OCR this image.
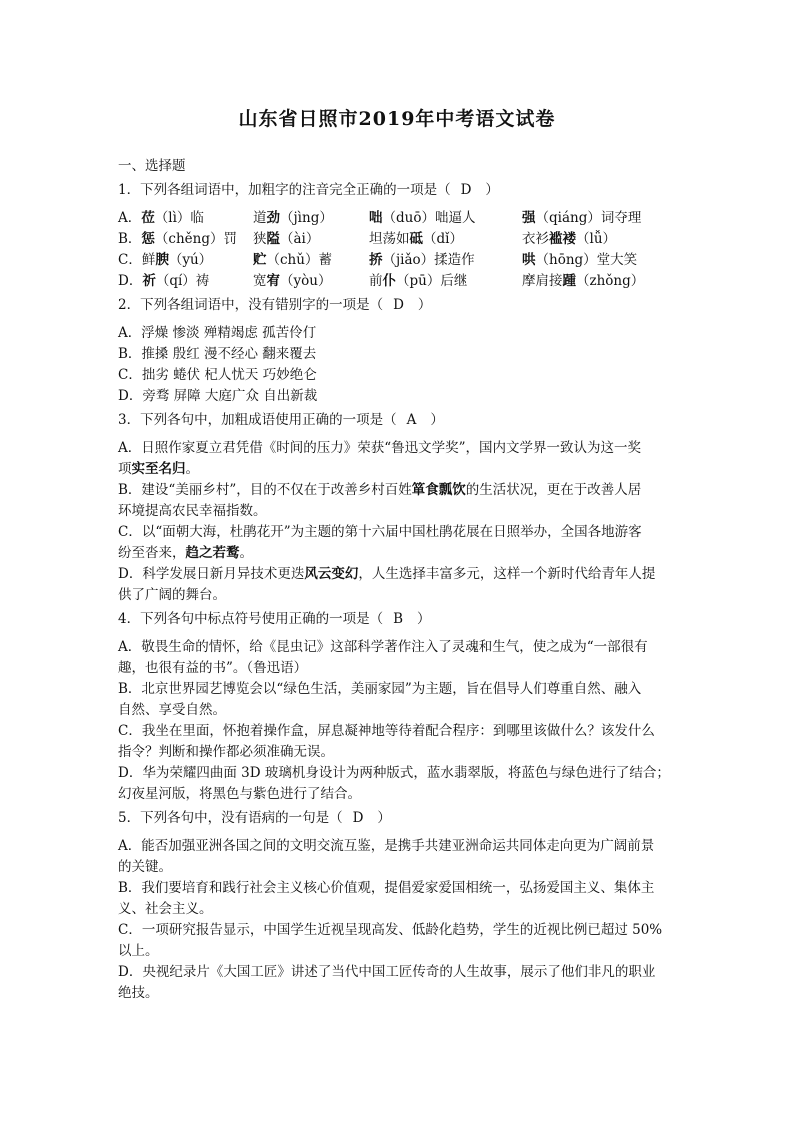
山东省日照市2019年中考语文试卷
一、选择题
1．下列各组词语中，加粗字的注音完全正确的一项是（ D ）
A．莅（lì）临	道劲（jìng）	咄（duō）咄逼人	强（qiáng）词夺理
B．惩（chěng）罚	狭隘（ài）	坦荡如砥（dǐ）	衣衫褴褛（lǚ）
C．鲜腴（yú）	贮（chǔ）蓄	挢（jiǎo）揉造作	哄（hōng）堂大笑
D．祈（qí）祷	宽宥（yòu）	前仆（pū）后继	摩肩接踵（zhǒng）
2．下列各组词语中，没有错别字的一项是（ D ）
A．浮燥 惨淡 殚精竭虑 孤苦伶仃
B．推搡 殷红 漫不经心 翻来覆去
C．拙劣 蜷伏 杞人忧天 巧妙绝仑
D．旁骛 屏障 大庭广众 自出新裁
3．下列各句中，加粗成语使用正确的一项是（ A ）
A．日照作家夏立君凭借《时间的压力》荣获“鲁迅文学奖”，国内文学界一致认为这一奖
项实至名归。
B．建设“美丽乡村”，目的不仅在于改善乡村百姓箪食瓢饮的生活状况，更在于改善人居
环境提高农民幸福指数。
C．以“面朝大海，杜鹃花开”为主题的第十六届中国杜鹃花展在日照举办，全国各地游客
纷至沓来，趋之若鹜。
D．科学发展日新月异技术更迭风云变幻，人生选择丰富多元，这样一个新时代给青年人提
供了广阔的舞台。
4．下列各句中标点符号使用正确的一项是（ B ）
A．敬畏生命的情怀，给《昆虫记》这部科学著作注入了灵魂和生气，使之成为“一部很有
趣，也很有益的书”。（鲁迅语）
B．北京世界园艺博览会以“绿色生活，美丽家园”为主题，旨在倡导人们尊重自然、融入
自然、享受自然。
C．我坐在里面，怀抱着操作盒，屏息凝神地等待着配合程序：到哪里该做什么？该发什么
指令？判断和操作都必须准确无误。
D．华为荣耀四曲面 3D 玻璃机身设计为两种版式，蓝水翡翠版，将蓝色与绿色进行了结合；
幻夜星河版，将黑色与紫色进行了结合。
5．下列各句中，没有语病的一句是（ D ）
A．能否加强亚洲各国之间的文明交流互鉴，是携手共建亚洲命运共同体走向更为广阔前景
的关键。
B．我们要培育和践行社会主义核心价值观，提倡爱家爱国相统一，弘扬爱国主义、集体主
义、社会主义。
C．一项研究报告显示，中国学生近视呈现高发、低龄化趋势，学生的近视比例已超过 50%
以上。
D．央视纪录片《大国工匠》讲述了当代中国工匠传奇的人生故事，展示了他们非凡的职业
绝技。
